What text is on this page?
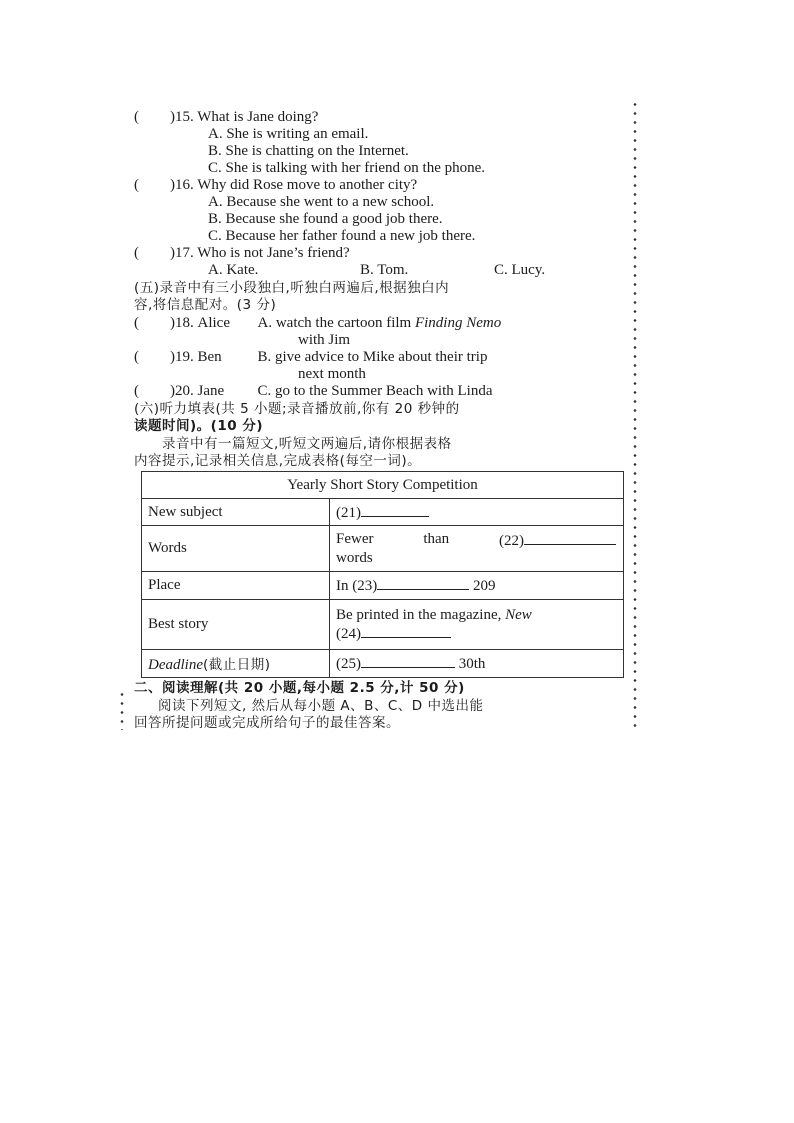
( )15. What is Jane doing?
A. She is writing an email.
B. She is chatting on the Internet.
C. She is talking with her friend on the phone.
( )16. Why did Rose move to another city?
A. Because she went to a new school.
B. Because she found a good job there.
C. Because her father found a new job there.
( )17. Who is not Jane’s friend?
A. Kate.	B. Tom.	C. Lucy.
(五)录音中有三小段独白,听独白两遍后,根据独白内
容,将信息配对。(3 分)
( )18. Alice A. watch the cartoon film Finding Nemo
with Jim
( )19. Ben B. give advice to Mike about their trip
next month
( )20. Jane C. go to the Summer Beach with Linda
(六)听力填表(共 5 小题;录音播放前,你有 20 秒钟的
读题时间)。(10 分)
录音中有一篇短文,听短文两遍后,请你根据表格
内容提示,记录相关信息,完成表格(每空一词)。
Yearly Short Story Competition	
New subject	(21)
Words	Fewer than (22)
words

Place	In (23) 209
Best story	Be printed in the magazine, New
(24)

Deadline(截止日期)	(25) 30th
二、阅读理解(共 20 小题,每小题 2.5 分,计 50 分)
阅读下列短文, 然后从每小题 A、B、C、D 中选出能
回答所提问题或完成所给句子的最佳答案。
